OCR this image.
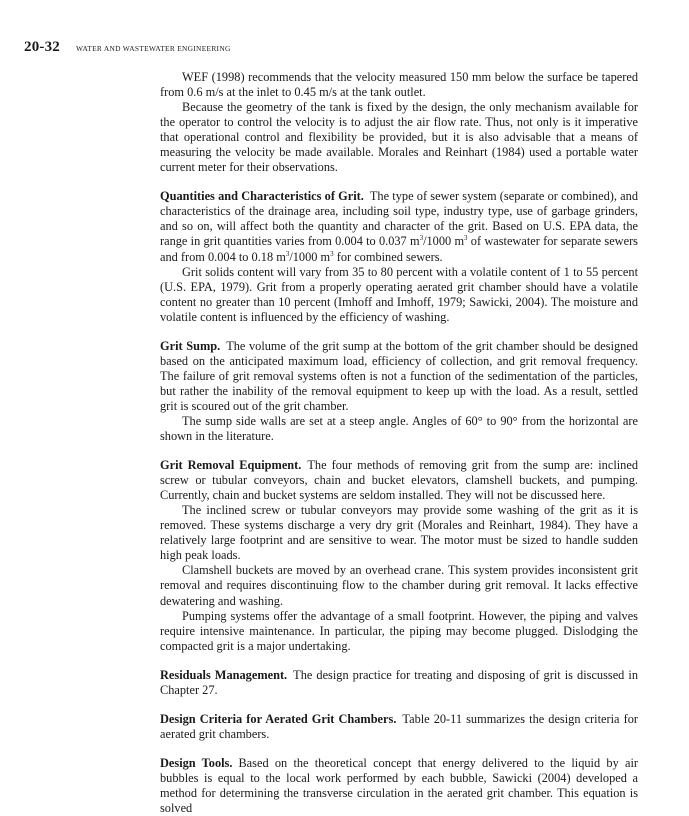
20-32 WATER AND WASTEWATER ENGINEERING

WEF (1998) recommends that the velocity measured 150 mm below the surface be tapered from 0.6 m/s at the inlet to 0.45 m/s at the tank outlet.

Because the geometry of the tank is fixed by the design, the only mechanism available for the operator to control the velocity is to adjust the air flow rate. Thus, not only is it imperative that operational control and flexibility be provided, but it is also advisable that a means of measuring the velocity be made available. Morales and Reinhart (1984) used a portable water current meter for their observations.

Quantities and Characteristics of Grit. The type of sewer system (separate or combined), and characteristics of the drainage area, including soil type, industry type, use of garbage grinders, and so on, will affect both the quantity and character of the grit. Based on U.S. EPA data, the range in grit quantities varies from 0.004 to 0.037 $m^3/1000$ $m^3$ of wastewater for separate sewers and from 0.004 to 0.18 $m^3/1000$ $m^3$ for combined sewers.

Grit solids content will vary from 35 to 80 percent with a volatile content of 1 to 55 percent (U.S. EPA, 1979). Grit from a properly operating aerated grit chamber should have a volatile content no greater than 10 percent (Imhoff and Imhoff, 1979; Sawicki, 2004). The moisture and volatile content is influenced by the efficiency of washing.

Grit Sump. The volume of the grit sump at the bottom of the grit chamber should be designed based on the anticipated maximum load, efficiency of collection, and grit removal frequency. The failure of grit removal systems often is not a function of the sedimentation of the particles, but rather the inability of the removal equipment to keep up with the load. As a result, settled grit is scoured out of the grit chamber.

The sump side walls are set at a steep angle. Angles of 60° to 90° from the horizontal are shown in the literature.

Grit Removal Equipment. The four methods of removing grit from the sump are: inclined screw or tubular conveyors, chain and bucket elevators, clamshell buckets, and pumping. Currently, chain and bucket systems are seldom installed. They will not be discussed here.

The inclined screw or tubular conveyors may provide some washing of the grit as it is removed. These systems discharge a very dry grit (Morales and Reinhart, 1984). They have a relatively large footprint and are sensitive to wear. The motor must be sized to handle sudden high peak loads.

Clamshell buckets are moved by an overhead crane. This system provides inconsistent grit removal and requires discontinuing flow to the chamber during grit removal. It lacks effective dewatering and washing.

Pumping systems offer the advantage of a small footprint. However, the piping and valves require intensive maintenance. In particular, the piping may become plugged. Dislodging the compacted grit is a major undertaking.

Residuals Management. The design practice for treating and disposing of grit is discussed in Chapter 27.

Design Criteria for Aerated Grit Chambers. Table 20-11 summarizes the design criteria for aerated grit chambers.

Design Tools. Based on the theoretical concept that energy delivered to the liquid by air bubbles is equal to the local work performed by each bubble, Sawicki (2004) developed a method for determining the transverse circulation in the aerated grit chamber. This equation is solved
